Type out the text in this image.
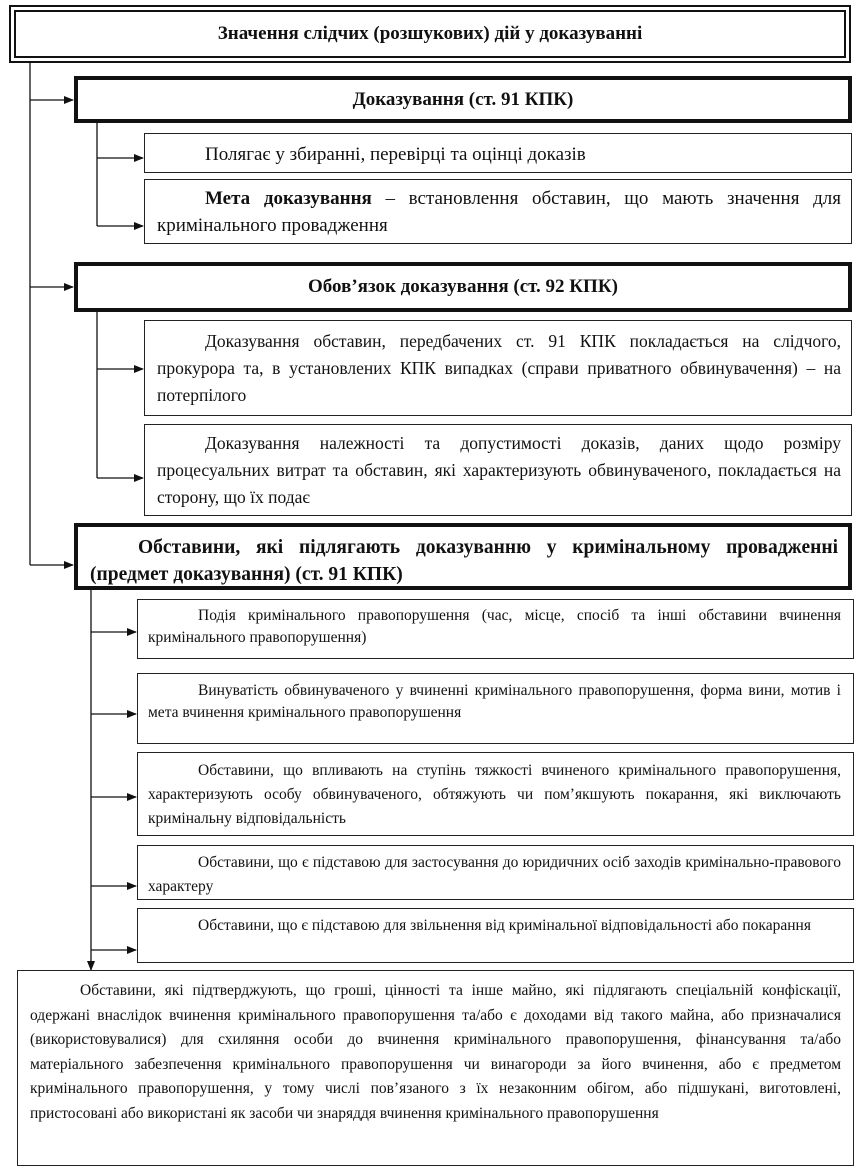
Значення слідчих (розшукових) дій у доказуванні
Доказування (ст. 91 КПК)
Полягає у збиранні, перевірці та оцінці доказів
Мета доказування – встановлення обставин, що мають значення для кримінального провадження
Обов’язок доказування (ст. 92 КПК)
Доказування обставин, передбачених ст. 91 КПК покладається на слідчого, прокурора та, в установлених КПК випадках (справи приватного обвинувачення) – на потерпілого
Доказування належності та допустимості доказів, даних щодо розміру процесуальних витрат та обставин, які характеризують обвинуваченого, покладається на сторону, що їх подає
Обставини, які підлягають доказуванню у кримінальному провадженні (предмет доказування) (ст. 91 КПК)
Подія кримінального правопорушення (час, місце, спосіб та інші обставини вчинення кримінального правопорушення)
Винуватість обвинуваченого у вчиненні кримінального правопорушення, форма вини, мотив і мета вчинення кримінального правопорушення
Обставини, що впливають на ступінь тяжкості вчиненого кримінального правопорушення, характеризують особу обвинуваченого, обтяжують чи пом’якшують покарання, які виключають кримінальну відповідальність
Обставини, що є підставою для застосування до юридичних осіб заходів кримінально-правового характеру
Обставини, що є підставою для звільнення від кримінальної відповідальності або покарання
Обставини, які підтверджують, що гроші, цінності та інше майно, які підлягають спеціальній конфіскації, одержані внаслідок вчинення кримінального правопорушення та/або є доходами від такого майна, або призначалися (використовувалися) для схиляння особи до вчинення кримінального правопорушення, фінансування та/або матеріального забезпечення кримінального правопорушення чи винагороди за його вчинення, або є предметом кримінального правопорушення, у тому числі пов’язаного з їх незаконним обігом, або підшукані, виготовлені, пристосовані або використані як засоби чи знаряддя вчинення кримінального правопорушення
